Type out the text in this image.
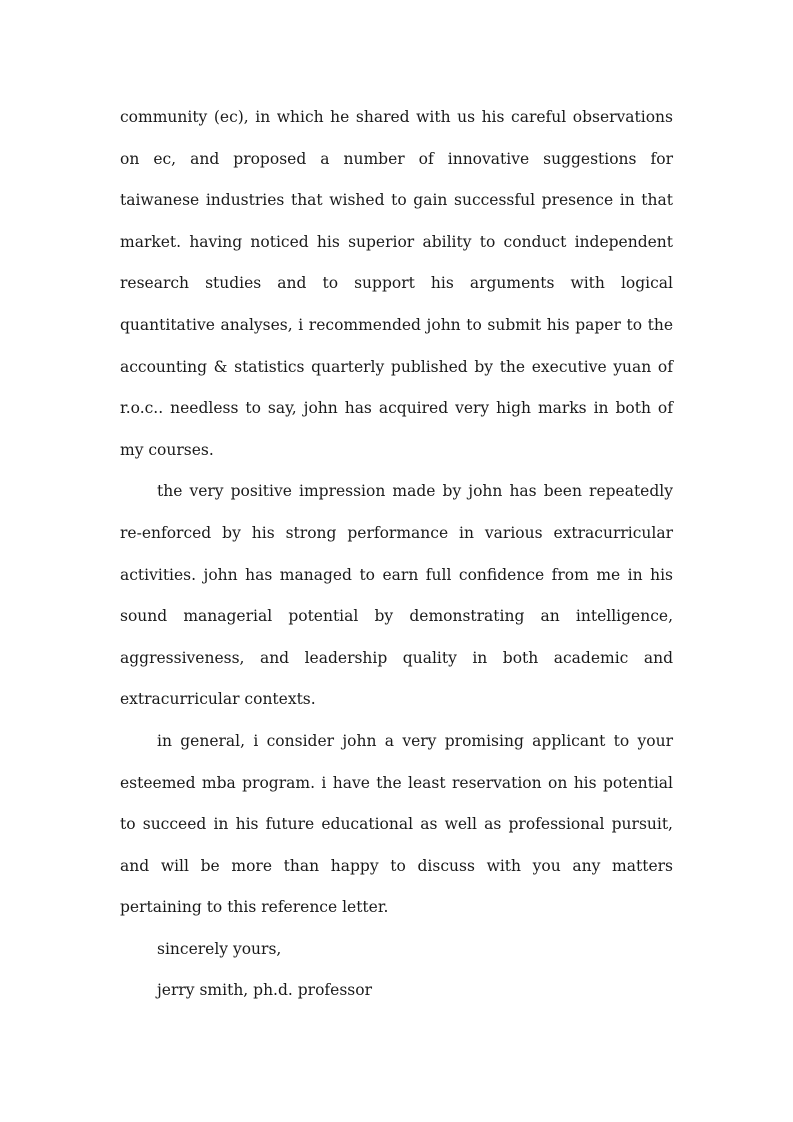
community (ec), in which he shared with us his careful observations on ec, and proposed a number of innovative suggestions for taiwanese industries that wished to gain successful presence in that market. having noticed his superior ability to conduct independent research studies and to support his arguments with logical quantitative analyses, i recommended john to submit his paper to the accounting & statistics quarterly published by the executive yuan of r.o.c.. needless to say, john has acquired very high marks in both of my courses.

the very positive impression made by john has been repeatedly re-enforced by his strong performance in various extracurricular activities. john has managed to earn full confidence from me in his sound managerial potential by demonstrating an intelligence, aggressiveness, and leadership quality in both academic and extracurricular contexts.

in general, i consider john a very promising applicant to your esteemed mba program. i have the least reservation on his potential to succeed in his future educational as well as professional pursuit, and will be more than happy to discuss with you any matters pertaining to this reference letter.

sincerely yours,

jerry smith, ph.d. professor
